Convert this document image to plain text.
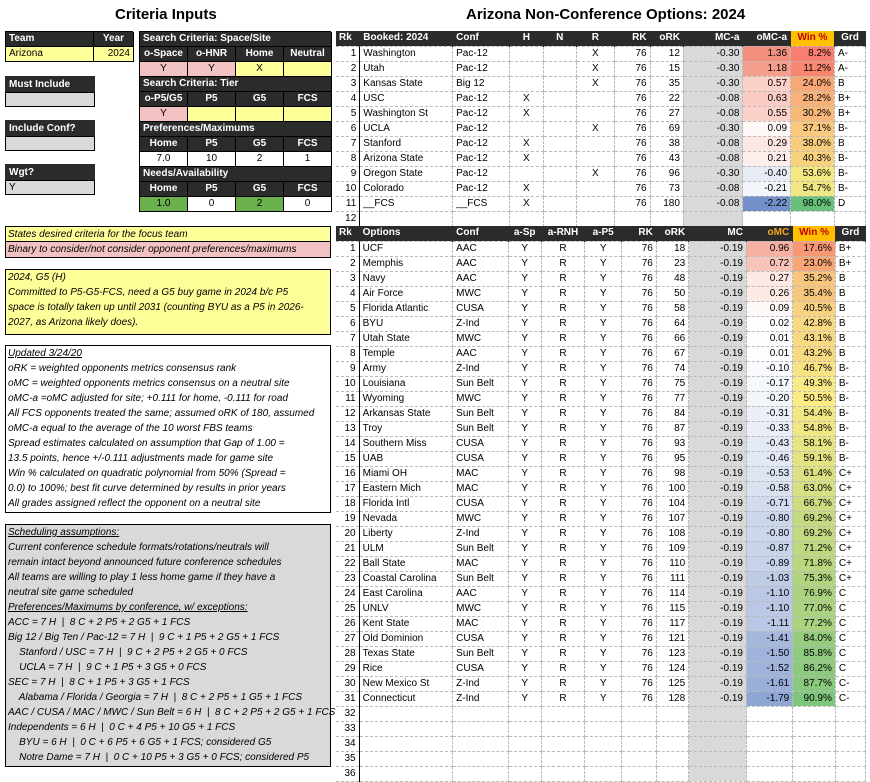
Criteria Inputs	Arizona Non-Conference Options: 2024
Team	Year
Arizona	2024
Search Criteria: Space/Site
o-Space	o-HNR	Home	Neutral
Y	Y	X
Search Criteria: Tier
o-P5/G5	P5	G5	FCS
Y
Preferences/Maximums
Home	P5	G5	FCS
7.0	10	2	1
Needs/Availability
Home	P5	G5	FCS
1.0	0	2	0
Must Include
Include Conf?
Wgt?
Y
States desired criteria for the focus team
Binary to consider/not consider opponent preferences/maximums
2024, G5 (H)
Committed to P5-G5-FCS, need a G5 buy game in 2024 b/c P5
space is totally taken up until 2031 (counting BYU as a P5 in 2026-
2027, as Arizona likely does).
Updated 3/24/20
oRK = weighted opponents metrics consensus rank
oMC = weighted opponents metrics consensus on a neutral site
oMC-a =oMC adjusted for site; +0.111 for home, -0.111 for road
All FCS opponents treated the same; assumed oRK of 180, assumed
oMC-a equal to the average of the 10 worst FBS teams
Spread estimates calculated on assumption that Gap of 1.00 =
13.5 points, hence +/-0.111 adjustments made for game site
Win % calculated on quadratic polynomial from 50% (Spread =
0.0) to 100%; best fit curve determined by results in prior years
All grades assigned reflect the opponent on a neutral site
Scheduling assumptions:
Current conference schedule formats/rotations/neutrals will
remain intact beyond announced future conference schedules
All teams are willing to play 1 less home game if they have a
neutral site game scheduled
Preferences/Maximums by conference, w/ exceptions:
ACC = 7 H  |  8 C + 2 P5 + 2 G5 + 1 FCS
Big 12 / Big Ten / Pac-12 = 7 H  |  9 C + 1 P5 + 2 G5 + 1 FCS
Stanford / USC = 7 H  |  9 C + 2 P5 + 2 G5 + 0 FCS
UCLA = 7 H  |  9 C + 1 P5 + 3 G5 + 0 FCS
SEC = 7 H  |  8 C + 1 P5 + 3 G5 + 1 FCS
Alabama / Florida / Georgia = 7 H  |  8 C + 2 P5 + 1 G5 + 1 FCS
AAC / CUSA / MAC / MWC / Sun Belt = 6 H  |  8 C + 2 P5 + 2 G5 + 1 FCS
Independents = 6 H  |  0 C + 4 P5 + 10 G5 + 1 FCS
BYU = 6 H  |  0 C + 6 P5 + 6 G5 + 1 FCS; considered G5
Notre Dame = 7 H  |  0 C + 10 P5 + 3 G5 + 0 FCS; considered P5
Rk	Booked: 2024	Conf	H	N	R	RK	oRK	MC-a	oMC-a	Win %	Grd
1	Washington	Pac-12			X	76	12	-0.30	1.36	8.2%	A-
2	Utah	Pac-12			X	76	15	-0.30	1.18	11.2%	A-
3	Kansas State	Big 12			X	76	35	-0.30	0.57	24.0%	B
4	USC	Pac-12	X			76	22	-0.08	0.63	28.2%	B+
5	Washington St	Pac-12	X			76	27	-0.08	0.55	30.2%	B+
6	UCLA	Pac-12			X	76	69	-0.30	0.09	37.1%	B-
7	Stanford	Pac-12	X			76	38	-0.08	0.29	38.0%	B
8	Arizona State	Pac-12	X			76	43	-0.08	0.21	40.3%	B-
9	Oregon State	Pac-12			X	76	96	-0.30	-0.40	53.6%	B-
10	Colorado	Pac-12	X			76	73	-0.08	-0.21	54.7%	B-
11	__FCS	__FCS	X			76	180	-0.08	-2.22	98.0%	D
12											
Rk	Options	Conf	a-Sp	a-RNH	a-P5	RK	oRK	MC	oMC	Win %	Grd
1	UCF	AAC	Y	R	Y	76	18	-0.19	0.96	17.6%	B+
2	Memphis	AAC	Y	R	Y	76	23	-0.19	0.72	23.0%	B+
3	Navy	AAC	Y	R	Y	76	48	-0.19	0.27	35.2%	B
4	Air Force	MWC	Y	R	Y	76	50	-0.19	0.26	35.4%	B
5	Florida Atlantic	CUSA	Y	R	Y	76	58	-0.19	0.09	40.5%	B
6	BYU	Z-Ind	Y	R	Y	76	64	-0.19	0.02	42.8%	B
7	Utah State	MWC	Y	R	Y	76	66	-0.19	0.01	43.1%	B
8	Temple	AAC	Y	R	Y	76	67	-0.19	0.01	43.2%	B
9	Army	Z-Ind	Y	R	Y	76	74	-0.19	-0.10	46.7%	B-
10	Louisiana	Sun Belt	Y	R	Y	76	75	-0.19	-0.17	49.3%	B-
11	Wyoming	MWC	Y	R	Y	76	77	-0.19	-0.20	50.5%	B-
12	Arkansas State	Sun Belt	Y	R	Y	76	84	-0.19	-0.31	54.4%	B-
13	Troy	Sun Belt	Y	R	Y	76	87	-0.19	-0.33	54.8%	B-
14	Southern Miss	CUSA	Y	R	Y	76	93	-0.19	-0.43	58.1%	B-
15	UAB	CUSA	Y	R	Y	76	95	-0.19	-0.46	59.1%	B-
16	Miami OH	MAC	Y	R	Y	76	98	-0.19	-0.53	61.4%	C+
17	Eastern Mich	MAC	Y	R	Y	76	100	-0.19	-0.58	63.0%	C+
18	Florida Intl	CUSA	Y	R	Y	76	104	-0.19	-0.71	66.7%	C+
19	Nevada	MWC	Y	R	Y	76	107	-0.19	-0.80	69.2%	C+
20	Liberty	Z-Ind	Y	R	Y	76	108	-0.19	-0.80	69.2%	C+
21	ULM	Sun Belt	Y	R	Y	76	109	-0.19	-0.87	71.2%	C+
22	Ball State	MAC	Y	R	Y	76	110	-0.19	-0.89	71.8%	C+
23	Coastal Carolina	Sun Belt	Y	R	Y	76	111	-0.19	-1.03	75.3%	C+
24	East Carolina	AAC	Y	R	Y	76	114	-0.19	-1.10	76.9%	C
25	UNLV	MWC	Y	R	Y	76	115	-0.19	-1.10	77.0%	C
26	Kent State	MAC	Y	R	Y	76	117	-0.19	-1.11	77.2%	C
27	Old Dominion	CUSA	Y	R	Y	76	121	-0.19	-1.41	84.0%	C
28	Texas State	Sun Belt	Y	R	Y	76	123	-0.19	-1.50	85.8%	C
29	Rice	CUSA	Y	R	Y	76	124	-0.19	-1.52	86.2%	C
30	New Mexico St	Z-Ind	Y	R	Y	76	125	-0.19	-1.61	87.7%	C-
31	Connecticut	Z-Ind	Y	R	Y	76	128	-0.19	-1.79	90.9%	C-
32											
33											
34											
35											
36											
